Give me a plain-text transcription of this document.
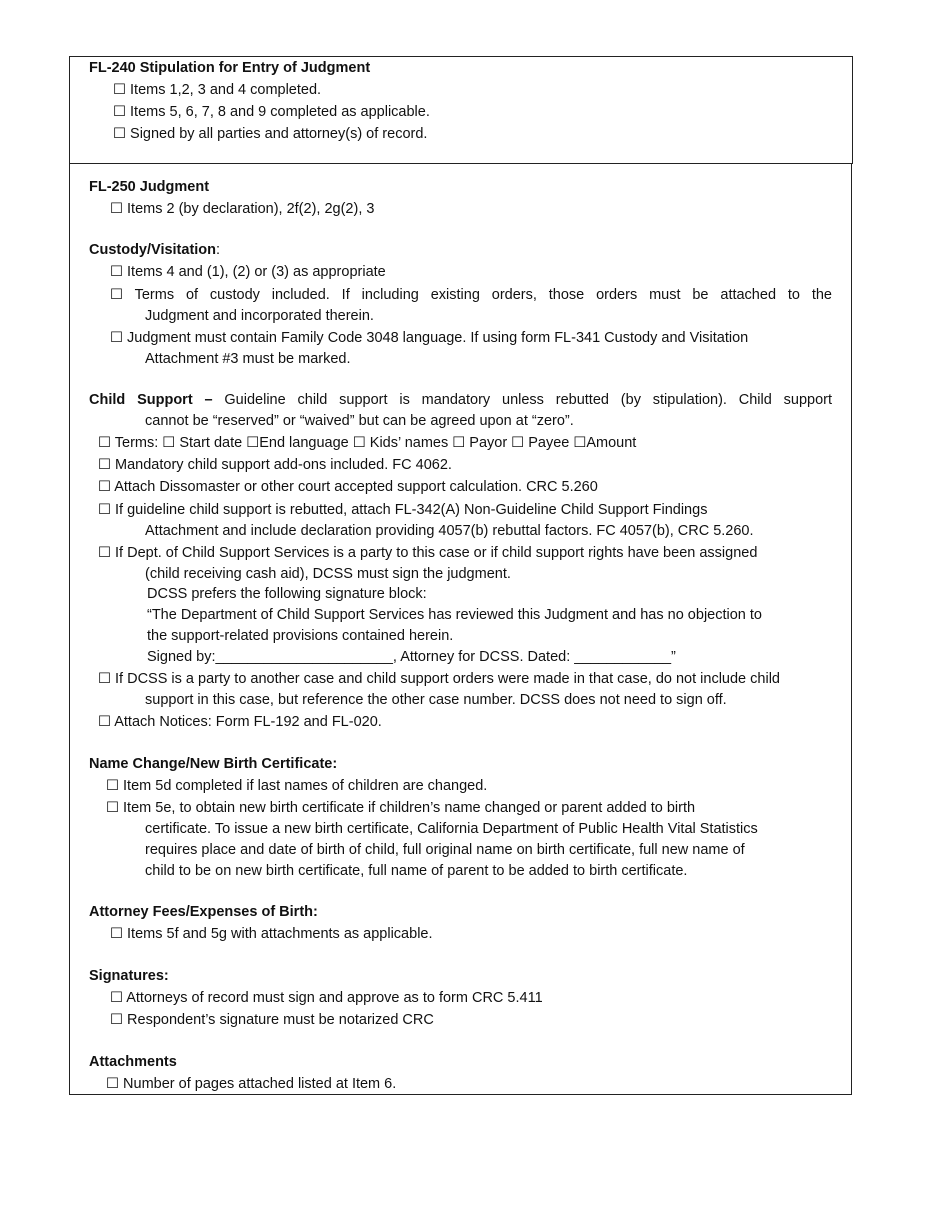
FL-240 Stipulation for Entry of Judgment
☐ Items 1,2, 3 and 4 completed.
☐ Items 5, 6, 7, 8 and 9 completed as applicable.
☐ Signed by all parties and attorney(s) of record.
FL-250 Judgment
☐ Items 2 (by declaration), 2f(2), 2g(2), 3
Custody/Visitation:
☐ Items 4 and (1), (2) or (3) as appropriate
☐ Terms of custody included. If including existing orders, those orders must be attached to the
Judgment and incorporated therein.
☐ Judgment must contain Family Code 3048 language. If using form FL-341 Custody and Visitation
Attachment #3 must be marked.
Child Support – Guideline child support is mandatory unless rebutted (by stipulation). Child support
cannot be “reserved” or “waived” but can be agreed upon at “zero”.
☐ Terms: ☐ Start date ☐End language ☐ Kids’ names ☐ Payor ☐ Payee ☐Amount
☐ Mandatory child support add-ons included. FC 4062.
☐ Attach Dissomaster or other court accepted support calculation. CRC 5.260
☐ If guideline child support is rebutted, attach FL-342(A) Non-Guideline Child Support Findings
Attachment and include declaration providing 4057(b) rebuttal factors. FC 4057(b), CRC 5.260.
☐ If Dept. of Child Support Services is a party to this case or if child support rights have been assigned
(child receiving cash aid), DCSS must sign the judgment.
DCSS prefers the following signature block:
“The Department of Child Support Services has reviewed this Judgment and has no objection to
the support-related provisions contained herein.
Signed by:______________________, Attorney for DCSS. Dated: ____________”
☐ If DCSS is a party to another case and child support orders were made in that case, do not include child
support in this case, but reference the other case number. DCSS does not need to sign off.
☐ Attach Notices: Form FL-192 and FL-020.
Name Change/New Birth Certificate:
☐ Item 5d completed if last names of children are changed.
☐ Item 5e, to obtain new birth certificate if children’s name changed or parent added to birth
certificate. To issue a new birth certificate, California Department of Public Health Vital Statistics
requires place and date of birth of child, full original name on birth certificate, full new name of
child to be on new birth certificate, full name of parent to be added to birth certificate.
Attorney Fees/Expenses of Birth:
☐ Items 5f and 5g with attachments as applicable.
Signatures:
☐ Attorneys of record must sign and approve as to form CRC 5.411
☐ Respondent’s signature must be notarized CRC
Attachments
☐ Number of pages attached listed at Item 6.
